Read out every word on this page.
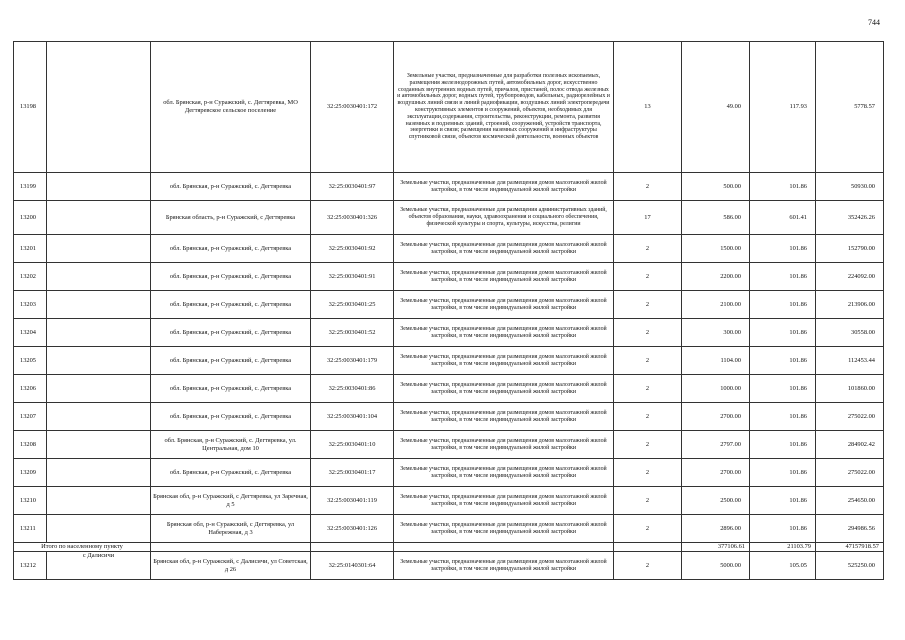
744
13198		обл. Брянская, р-н Суражский, с. Дегтяревка, МО Дегтяревское сельское поселение	32:25:0030401:172	Земельные участки, предназначенные для разработки полезных ископаемых, размещения железнодорожных путей, автомобильных дорог, искусственно созданных внутренних водных путей, причалов, пристаней, полос отвода железных и автомобильных дорог, водных путей, трубопроводов, кабельных, радиорелейных и воздушных линий связи и линий радиофикации, воздушных линий электропередачи конструктивных элементов и сооружений, объектов, необходимых для эксплуатации,содержания, строительства, реконструкции, ремонта, развития наземных и подземных зданий, строений, сооружений, устройств транспорта, энергетики и связи; размещения наземных сооружений и инфраструктуры спутниковой связи, объектов космической деятельности, военных объектов	13	49.00	117.93	5778.57
13199		обл. Брянская, р-н Суражский, с. Дегтяревка	32:25:0030401:97	Земельные участки, предназначенные для размещения домов малоэтажной жилой застройки, в том числе индивидуальной жилой застройки	2	500.00	101.86	50930.00
13200		Брянская область, р-н Суражский, с Дегтяревка	32:25:0030401:326	Земельные участки, предназначенные для размещения административных зданий, объектов образования, науки, здравоохранения и социального обеспечения, физической культуры и спорта, культуры, искусства, религии	17	586.00	601.41	352426.26
13201		обл. Брянская, р-н Суражский, с. Дегтяревка	32:25:0030401:92	Земельные участки, предназначенные для размещения домов малоэтажной жилой застройки, в том числе индивидуальной жилой застройки	2	1500.00	101.86	152790.00
13202		обл. Брянская, р-н Суражский, с. Дегтяревка	32:25:0030401:91	Земельные участки, предназначенные для размещения домов малоэтажной жилой застройки, в том числе индивидуальной жилой застройки	2	2200.00	101.86	224092.00
13203		обл. Брянская, р-н Суражский, с. Дегтяревка	32:25:0030401:25	Земельные участки, предназначенные для размещения домов малоэтажной жилой застройки, в том числе индивидуальной жилой застройки	2	2100.00	101.86	213906.00
13204		обл. Брянская, р-н Суражский, с. Дегтяревка	32:25:0030401:52	Земельные участки, предназначенные для размещения домов малоэтажной жилой застройки, в том числе индивидуальной жилой застройки	2	300.00	101.86	30558.00
13205		обл. Брянская, р-н Суражский, с. Дегтяревка	32:25:0030401:179	Земельные участки, предназначенные для размещения домов малоэтажной жилой застройки, в том числе индивидуальной жилой застройки	2	1104.00	101.86	112453.44
13206		обл. Брянская, р-н Суражский, с. Дегтяревка	32:25:0030401:86	Земельные участки, предназначенные для размещения домов малоэтажной жилой застройки, в том числе индивидуальной жилой застройки	2	1000.00	101.86	101860.00
13207		обл. Брянская, р-н Суражский, с. Дегтяревка	32:25:0030401:104	Земельные участки, предназначенные для размещения домов малоэтажной жилой застройки, в том числе индивидуальной жилой застройки	2	2700.00	101.86	275022.00
13208		обл. Брянская, р-н Суражский, с. Дегтяревка, ул. Центральная, дом 10	32:25:0030401:10	Земельные участки, предназначенные для размещения домов малоэтажной жилой застройки, в том числе индивидуальной жилой застройки	2	2797.00	101.86	284902.42
13209		обл. Брянская, р-н Суражский, с. Дегтяревка	32:25:0030401:17	Земельные участки, предназначенные для размещения домов малоэтажной жилой застройки, в том числе индивидуальной жилой застройки	2	2700.00	101.86	275022.00
13210		Брянская обл, р-н Суражский, с Дегтяревка, ул Заречная, д 5	32:25:0030401:119	Земельные участки, предназначенные для размещения домов малоэтажной жилой застройки, в том числе индивидуальной жилой застройки	2	2500.00	101.86	254650.00
13211		Брянская обл, р-н Суражский, с Дегтяревка, ул Набережная, д 3	32:25:0030401:126	Земельные участки, предназначенные для размещения домов малоэтажной жилой застройки, в том числе индивидуальной жилой застройки	2	2896.00	101.86	294986.56
Итого по населенному пункту						377106.61	21103.79	47157918.57
13212	с Далисичи	Брянская обл, р-н Суражский, с Далисичи, ул Советская, д 26	32:25:0140301:64	Земельные участки, предназначенные для размещения домов малоэтажной жилой застройки, в том числе индивидуальной жилой застройки	2	5000.00	105.05	525250.00
